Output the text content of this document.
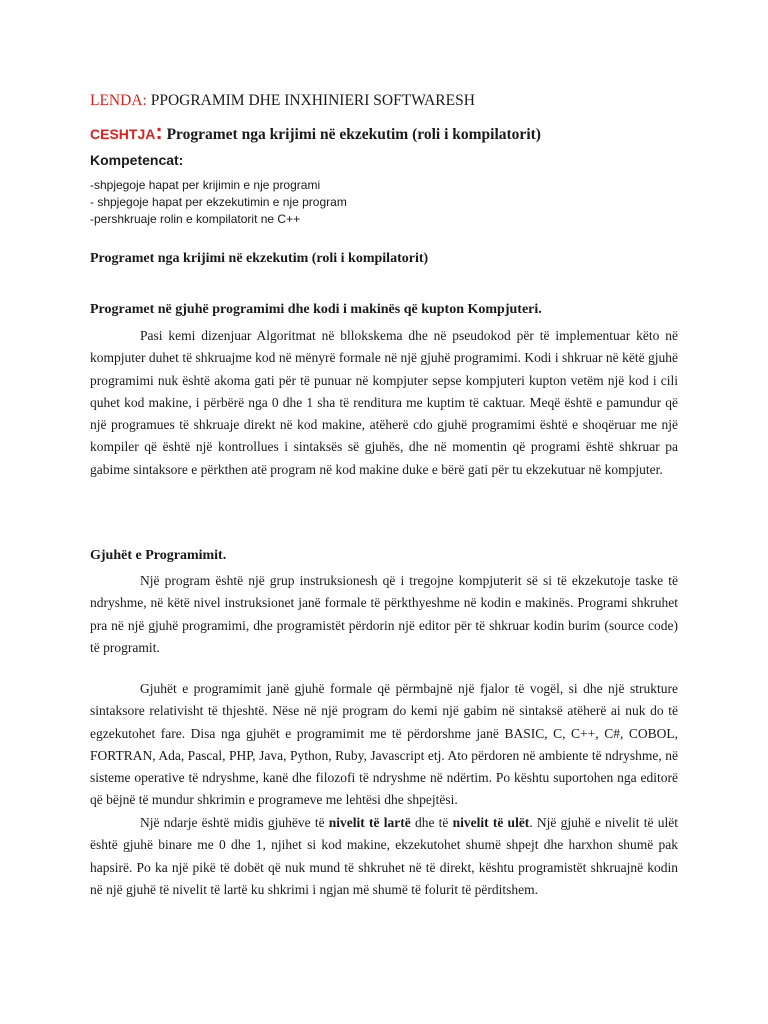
LENDA: PPOGRAMIM DHE INXHINIERI SOFTWARESH
CESHTJA: Programet nga krijimi në ekzekutim (roli i kompilatorit)
Kompetencat:
-shpjegoje hapat per krijimin e nje programi
- shpjegoje hapat per ekzekutimin e nje program
-pershkruaje rolin e kompilatorit ne C++
Programet nga krijimi në ekzekutim (roli i kompilatorit)
Programet në gjuhë programimi dhe kodi i makinës që kupton Kompjuteri.

Pasi kemi dizenjuar Algoritmat në bllokskema dhe në pseudokod për të implementuar këto në kompjuter duhet të shkruajme kod në mënyrë formale në një gjuhë programimi. Kodi i shkruar në këtë gjuhë programimi nuk është akoma gati për të punuar në kompjuter sepse kompjuteri kupton vetëm një kod i cili quhet kod makine, i përbërë nga 0 dhe 1 sha të renditura me kuptim të caktuar. Meqë është e pamundur që një programues të shkruaje direkt në kod makine, atëherë cdo gjuhë programimi është e shoqëruar me një kompiler që është një kontrollues i sintaksës së gjuhës, dhe në momentin që programi është shkruar pa gabime sintaksore e përkthen atë program në kod makine duke e bërë gati për tu ekzekutuar në kompjuter.

Gjuhët e Programimit.

Një program është një grup instruksionesh që i tregojne kompjuterit së si të ekzekutoje taske të ndryshme, në këtë nivel instruksionet janë formale të përkthyeshme në kodin e makinës. Programi shkruhet pra në një gjuhë programimi, dhe programistët përdorin një editor për të shkruar kodin burim (source code) të programit.

Gjuhët e programimit janë gjuhë formale që përmbajnë një fjalor të vogël, si dhe një strukture sintaksore relativisht të thjeshtë. Nëse në një program do kemi një gabim në sintaksë atëherë ai nuk do të egzekutohet fare. Disa nga gjuhët e programimit me të përdorshme janë BASIC, C, C++, C#, COBOL, FORTRAN, Ada, Pascal, PHP, Java, Python, Ruby, Javascript etj. Ato përdoren në ambiente të ndryshme, në sisteme operative të ndryshme, kanë dhe filozofi të ndryshme në ndërtim. Po kështu suportohen nga editorë që bëjnë të mundur shkrimin e programeve me lehtësi dhe shpejtësi.

Një ndarje është midis gjuhëve të nivelit të lartë dhe të nivelit të ulët. Një gjuhë e nivelit të ulët është gjuhë binare me 0 dhe 1, njihet si kod makine, ekzekutohet shumë shpejt dhe harxhon shumë pak hapsirë. Po ka një pikë të dobët që nuk mund të shkruhet në të direkt, kështu programistët shkruajnë kodin në një gjuhë të nivelit të lartë ku shkrimi i ngjan më shumë të folurit të përditshem.
